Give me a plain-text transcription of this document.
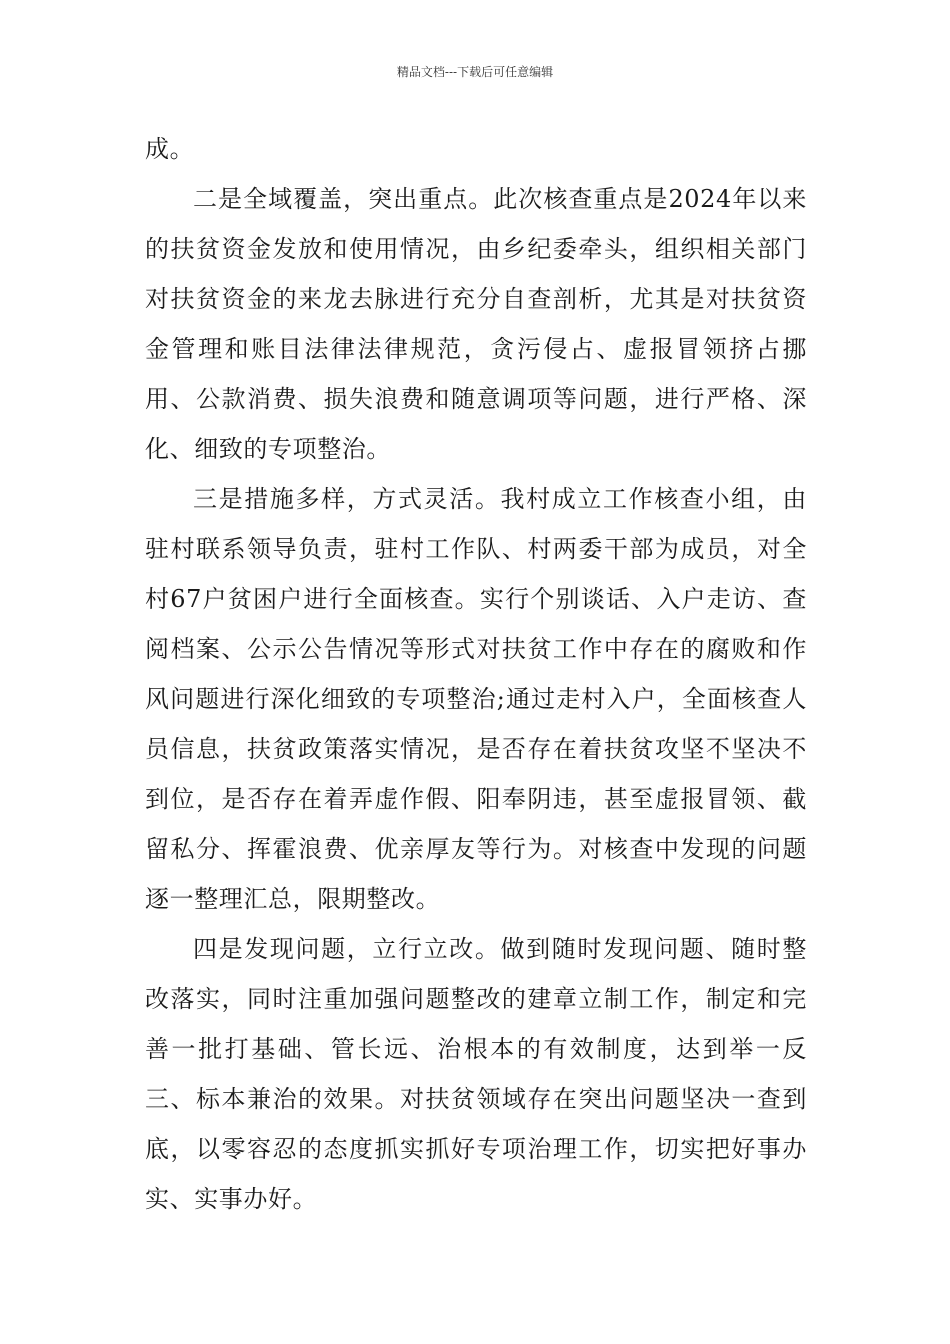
精品文档---下载后可任意编辑

成。

二是全域覆盖，突出重点。此次核查重点是2024年以来的扶贫资金发放和使用情况，由乡纪委牵头，组织相关部门对扶贫资金的来龙去脉进行充分自查剖析，尤其是对扶贫资金管理和账目法律法律规范，贪污侵占、虚报冒领挤占挪用、公款消费、损失浪费和随意调项等问题，进行严格、深化、细致的专项整治。

三是措施多样，方式灵活。我村成立工作核查小组，由驻村联系领导负责，驻村工作队、村两委干部为成员，对全村67户贫困户进行全面核查。实行个别谈话、入户走访、查阅档案、公示公告情况等形式对扶贫工作中存在的腐败和作风问题进行深化细致的专项整治;通过走村入户，全面核查人员信息，扶贫政策落实情况，是否存在着扶贫攻坚不坚决不到位，是否存在着弄虚作假、阳奉阴违，甚至虚报冒领、截留私分、挥霍浪费、优亲厚友等行为。对核查中发现的问题逐一整理汇总，限期整改。

四是发现问题，立行立改。做到随时发现问题、随时整改落实，同时注重加强问题整改的建章立制工作，制定和完善一批打基础、管长远、治根本的有效制度，达到举一反三、标本兼治的效果。对扶贫领域存在突出问题坚决一查到底，以零容忍的态度抓实抓好专项治理工作，切实把好事办实、实事办好。
